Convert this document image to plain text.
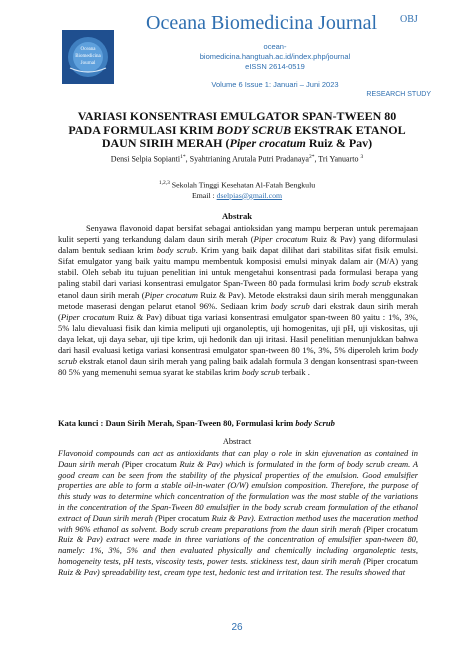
Oceana
Biomedicina
Journal
Oceana Biomedicina Journal OBJ
ocean-
biomedicina.hangtuah.ac.id/index.php/journal
eISSN 2614-0519
Volume 6 Issue 1: Januari – Juni 2023
RESEARCH STUDY
VARIASI KONSENTRASI EMULGATOR SPAN-TWEEN 80
PADA FORMULASI KRIM BODY SCRUB EKSTRAK ETANOL
DAUN SIRIH MERAH (Piper crocatum Ruiz & Pav)
Densi Selpia Sopianti$^{1*}$, Syahtrianing Arutala Putri Pradanaya$^{2*}$, Tri Yanuarto $^3$
$^{1,2,3}$ Sekolah Tinggi Kesehatan Al-Fatah Bengkulu
Email : dselpias@gmail.com
Abstrak
Senyawa flavonoid dapat bersifat sebagai antioksidan yang mampu berperan untuk peremajaan kulit seperti yang terkandung dalam daun sirih merah (Piper crocatum Ruiz & Pav) yang diformulasi dalam bentuk sediaan krim body scrub. Krim yang baik dapat dilihat dari stabilitas sifat fisik emulsi. Sifat emulgator yang baik yaitu mampu membentuk komposisi emulsi minyak dalam air (M/A) yang stabil. Oleh sebab itu tujuan penelitian ini untuk mengetahui konsentrasi pada formulasi berapa yang paling stabil dari variasi konsentrasi emulgator Span-Tween 80 pada formulasi krim body scrub ekstrak etanol daun sirih merah (Piper crocatum Ruiz & Pav). Metode ekstraksi daun sirih merah menggunakan metode maserasi dengan pelarut etanol 96%. Sediaan krim body scrub dari ekstrak daun sirih merah (Piper crocatum Ruiz & Pav) dibuat tiga variasi konsentrasi emulgator span-tween 80 yaitu : 1%, 3%, 5% lalu dievaluasi fisik dan kimia meliputi uji organoleptis, uji homogenitas, uji pH, uji viskositas, uji daya lekat, uji daya sebar, uji tipe krim, uji hedonik dan uji iritasi. Hasil penelitian menunjukkan bahwa dari hasil evaluasi ketiga variasi konsentrasi emulgator span-tween 80 1%, 3%, 5% diperoleh krim body scrub ekstrak etanol daun sirih merah yang paling baik adalah formula 3 dengan konsentrasi span-tween 80 5% yang memenuhi semua syarat ke stabilas krim body scrub terbaik .
Kata kunci : Daun Sirih Merah, Span-Tween 80, Formulasi krim body Scrub
Abstract
Flavonoid compounds can act as antioxidants that can play o role in skin ejuvenation as contained in Daun sirih merah (Piper crocatum Ruiz & Pav) which is formulated in the form of body scrub cream. A good cream can be seen from the stability of the physical properties of the emulsion. Good emulsifier properties are able to form a stable oil-in-water (O/W) emulsion composition. Therefore, the purpose of this study was to determine which concentration of the formulation was the most stable of the variations in the concentration of the Span-Tween 80 emulsifier in the body scrub cream formulation of the ethanol extract of Daun sirih merah (Piper crocatum Ruiz & Pav). Extraction method uses the maceration method with 96% ethanol as solvent. Body scrub cream preparations from the daun sirih merah (Piper crocatum Ruiz & Pav) extract were made in three variations of the concentration of emulsifier span-tween 80, namely: 1%, 3%, 5% and then evaluated physically and chemically including organoleptic tests, homogeneity tests, pH tests, viscosity tests, power tests. stickiness test, daun sirih merah (Piper crocatum Ruiz & Pav) spreadability test, cream type test, hedonic test and irritation test. The results showed that
26
